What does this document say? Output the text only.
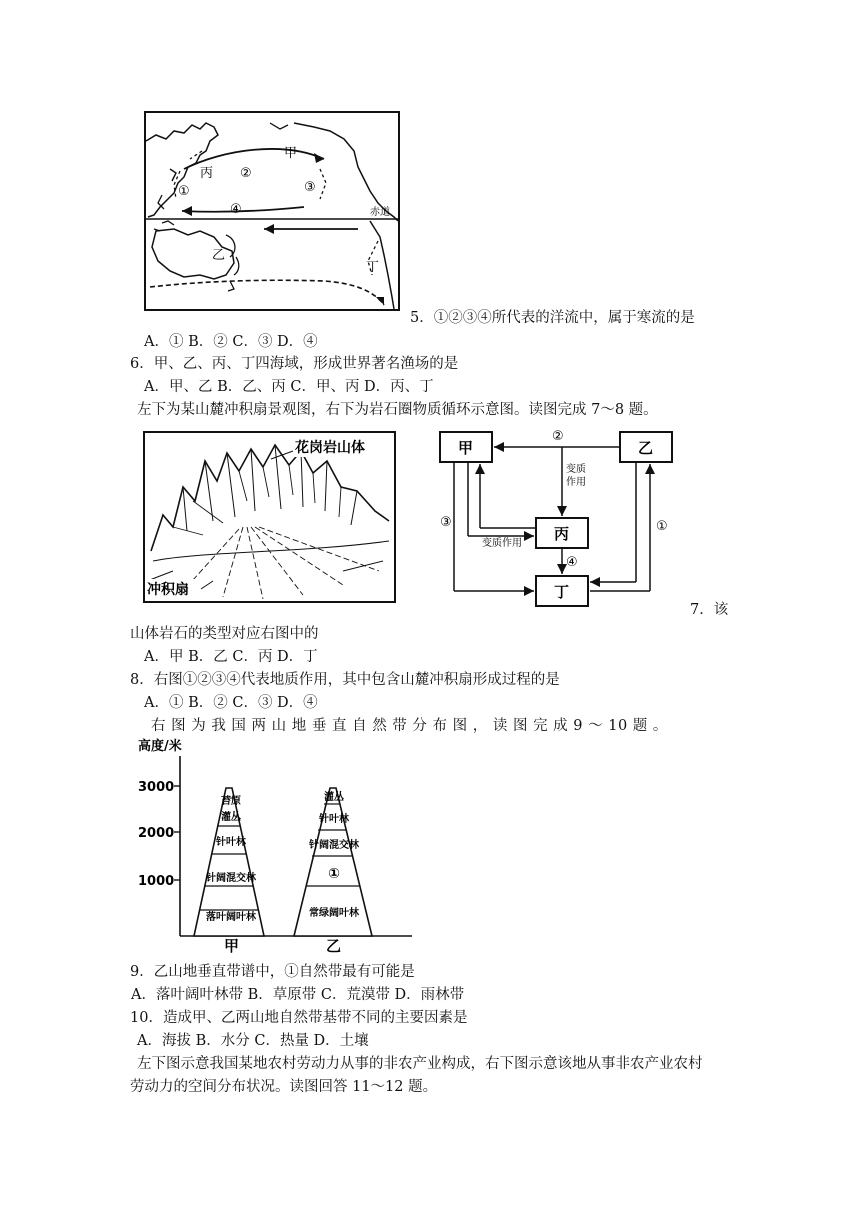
赤道
甲
②
丙
①	③
④
乙
丁
5．①②③④所代表的洋流中，属于寒流的是
A．① B．② C．③ D．④
6．甲、乙、丙、丁四海域，形成世界著名渔场的是
A．甲、乙 B．乙、丙 C．甲、丙 D．丙、丁
左下为某山麓冲积扇景观图，右下为岩石圈物质循环示意图。读图完成 7～8 题。
花岗岩山体
冲积扇
甲	乙
丙
丁
②
变质作用
变质作用
③
④
①
7．该
山体岩石的类型对应右图中的
A．甲 B．乙 C．丙 D．丁
8．右图①②③④代表地质作用，其中包含山麓冲积扇形成过程的是
A．① B．② C．③ D．④
右 图 为 我 国 两 山 地 垂 直 自 然 带 分 布 图 ， 读 图 完 成 9 ～ 10 题 。
高度/米
3000
2000
1000
苔原
灌丛
针叶林
针阔混交林
落叶阔叶林
甲
灌丛
针叶林
针阔混交林
①
常绿阔叶林
乙
9．乙山地垂直带谱中，①自然带最有可能是
A．落叶阔叶林带 B．草原带 C．荒漠带 D．雨林带
10．造成甲、乙两山地自然带基带不同的主要因素是
A．海拔 B．水分 C．热量 D．土壤
左下图示意我国某地农村劳动力从事的非农产业构成，右下图示意该地从事非农产业农村
劳动力的空间分布状况。读图回答 11～12 题。
